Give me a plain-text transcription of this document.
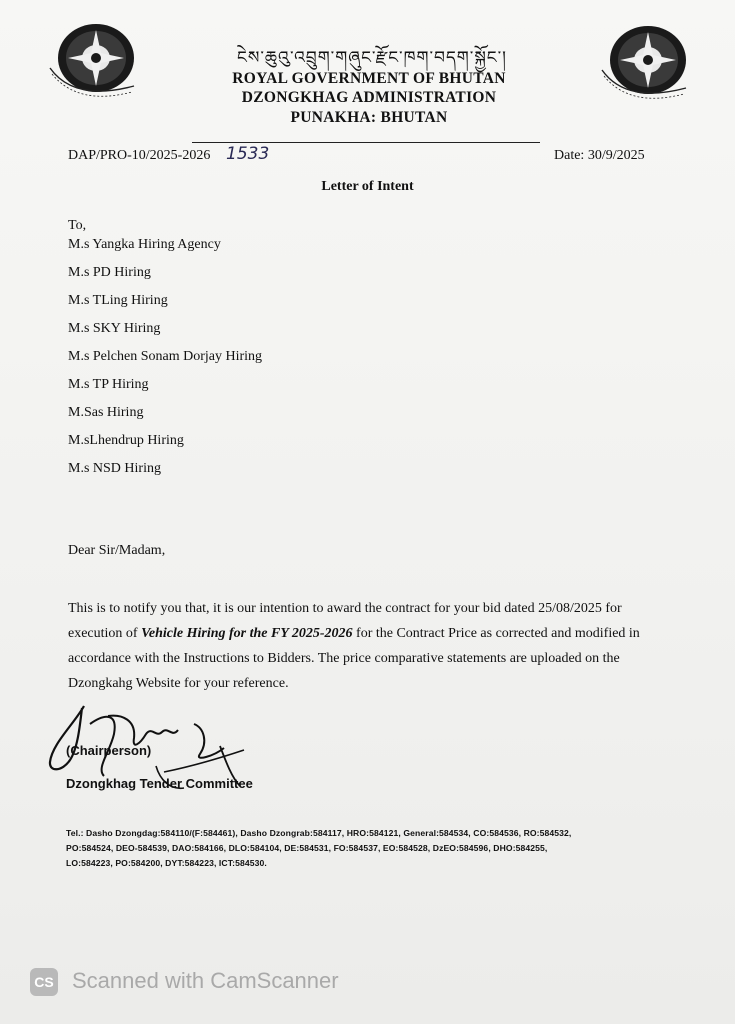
ངེས་ཆུའུ་འབྲུག་གཞུང་རྫོང་ཁག་བདག་སྐྱོང་།
ROYAL GOVERNMENT OF BHUTAN
DZONGKHAG ADMINISTRATION
PUNAKHA: BHUTAN
DAP/PRO-10/2025-2026 1533	Date: 30/9/2025
Letter of Intent
To,
M.s Yangka Hiring Agency
M.s PD Hiring
M.s TLing Hiring
M.s SKY Hiring
M.s Pelchen Sonam Dorjay Hiring
M.s TP Hiring
M.Sas Hiring
M.sLhendrup Hiring
M.s NSD Hiring
Dear Sir/Madam,

This is to notify you that, it is our intention to award the contract for your bid dated 25/08/2025 for execution of Vehicle Hiring for the FY 2025-2026 for the Contract Price as corrected and modified in accordance with the Instructions to Bidders. The price comparative statements are uploaded on the Dzongkahg Website for your reference.

(Chairperson)
Dzongkhag Tender Committee
Tel.: Dasho Dzongdag:584110/(F:584461), Dasho Dzongrab:584117, HRO:584121, General:584534, CO:584536, RO:584532,
PO:584524, DEO-584539, DAO:584166, DLO:584104, DE:584531, FO:584537, EO:584528, DzEO:584596, DHO:584255,
LO:584223, PO:584200, DYT:584223, ICT:584530.
CS Scanned with CamScanner
